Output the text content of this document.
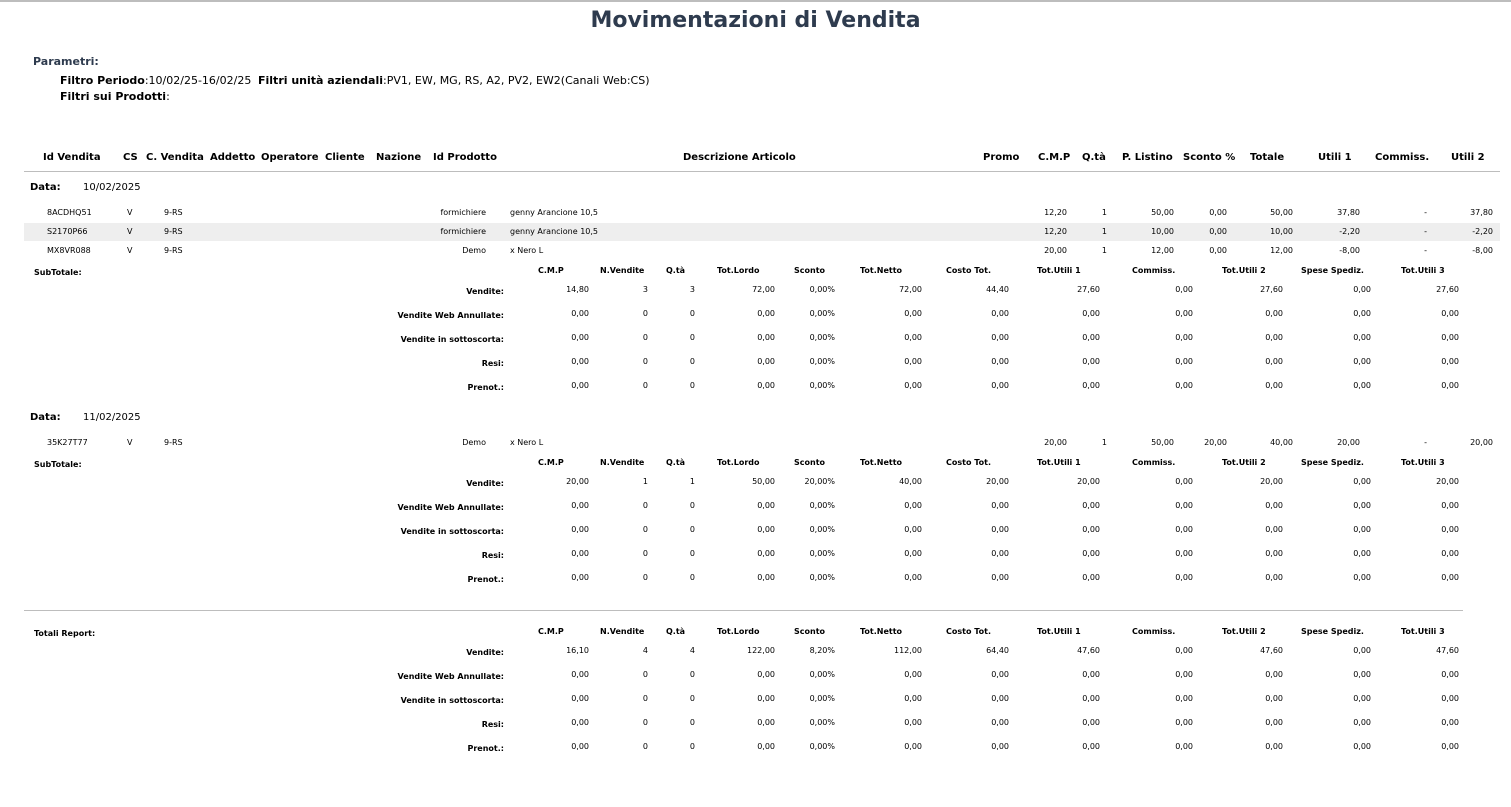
Movimentazioni di Vendita
Parametri:
Filtro Periodo:10/02/25-16/02/25 Filtri unità aziendali:PV1, EW, MG, RS, A2, PV2, EW2(Canali Web:CS)
Filtri sui Prodotti:
Id Vendita CS C. Vendita Addetto Operatore Cliente Nazione Id Prodotto	Descrizione Articolo	Promo C.M.P Q.tà P. Listino Sconto % Totale	Utili 1 Commiss. Utili 2
Data: 10/02/2025
8ACDHQ51	V	9-RS	formichiere	genny Arancione 10,5	12,20	1	50,00	0,00	50,00	37,80	-	37,80
S2170P66	V	9-RS	formichiere	genny Arancione 10,5	12,20	1	10,00	0,00	10,00	-2,20	-	-2,20
MX8VR088	V	9-RS	Demo	x Nero L	20,00	1	12,00	0,00	12,00	-8,00	-	-8,00
SubTotale:	C.M.P	N.Vendite	Q.tà	Tot.Lordo	Sconto	Tot.Netto	Costo Tot.	Tot.Utili 1	Commiss.	Tot.Utili 2	Spese Spediz.	Tot.Utili 3
Vendite:	14,80	3	3	72,00	0,00%	72,00	44,40	27,60	0,00	27,60	0,00	27,60
Vendite Web Annullate:	0,00	0	0	0,00	0,00%	0,00	0,00	0,00	0,00	0,00	0,00	0,00
Vendite in sottoscorta:	0,00	0	0	0,00	0,00%	0,00	0,00	0,00	0,00	0,00	0,00	0,00
Resi:	0,00	0	0	0,00	0,00%	0,00	0,00	0,00	0,00	0,00	0,00	0,00
Prenot.:	0,00	0	0	0,00	0,00%	0,00	0,00	0,00	0,00	0,00	0,00	0,00
Data: 11/02/2025
35K27T77	V	9-RS	Demo	x Nero L	20,00	1	50,00	20,00	40,00	20,00	-	20,00
SubTotale:	C.M.P	N.Vendite	Q.tà	Tot.Lordo	Sconto	Tot.Netto	Costo Tot.	Tot.Utili 1	Commiss.	Tot.Utili 2	Spese Spediz.	Tot.Utili 3
Vendite:	20,00	1	1	50,00	20,00%	40,00	20,00	20,00	0,00	20,00	0,00	20,00
Vendite Web Annullate:	0,00	0	0	0,00	0,00%	0,00	0,00	0,00	0,00	0,00	0,00	0,00
Vendite in sottoscorta:	0,00	0	0	0,00	0,00%	0,00	0,00	0,00	0,00	0,00	0,00	0,00
Resi:	0,00	0	0	0,00	0,00%	0,00	0,00	0,00	0,00	0,00	0,00	0,00
Prenot.:	0,00	0	0	0,00	0,00%	0,00	0,00	0,00	0,00	0,00	0,00	0,00
Totali Report:	C.M.P	N.Vendite	Q.tà	Tot.Lordo	Sconto	Tot.Netto	Costo Tot.	Tot.Utili 1	Commiss.	Tot.Utili 2	Spese Spediz.	Tot.Utili 3
Vendite:	16,10	4	4	122,00	8,20%	112,00	64,40	47,60	0,00	47,60	0,00	47,60
Vendite Web Annullate:	0,00	0	0	0,00	0,00%	0,00	0,00	0,00	0,00	0,00	0,00	0,00
Vendite in sottoscorta:	0,00	0	0	0,00	0,00%	0,00	0,00	0,00	0,00	0,00	0,00	0,00
Resi:	0,00	0	0	0,00	0,00%	0,00	0,00	0,00	0,00	0,00	0,00	0,00
Prenot.:	0,00	0	0	0,00	0,00%	0,00	0,00	0,00	0,00	0,00	0,00	0,00
